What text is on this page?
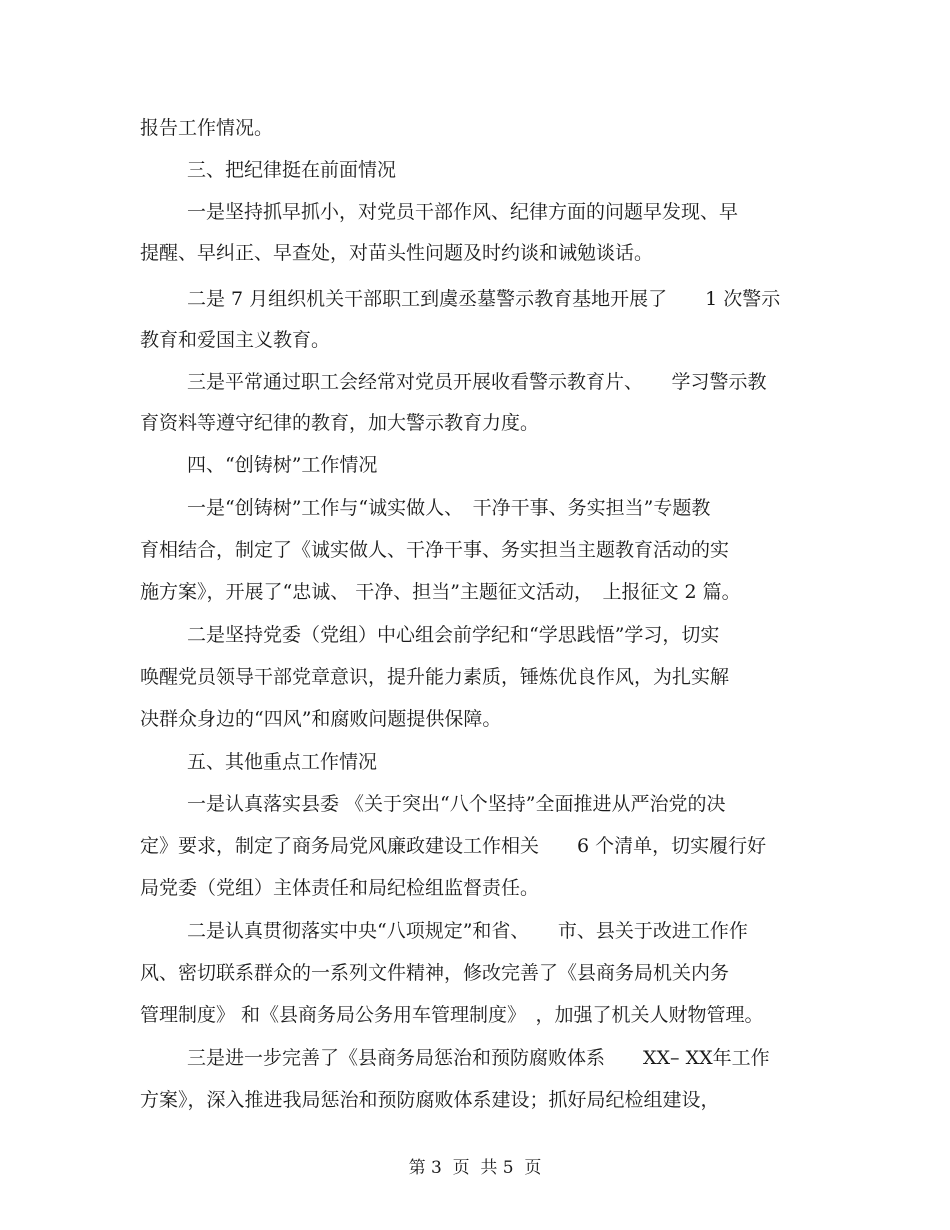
报告工作情况。
三、把纪律挺在前面情况
一是坚持抓早抓小，对党员干部作风、纪律方面的问题早发现、早
提醒、早纠正、早查处，对苗头性问题及时约谈和诫勉谈话。
二是 7 月组织机关干部职工到虞丞墓警示教育基地开展了　　1 次警示
教育和爱国主义教育。
三是平常通过职工会经常对党员开展收看警示教育片、　　学习警示教
育资料等遵守纪律的教育，加大警示教育力度。
四、“创铸树”工作情况
一是“创铸树”工作与“诚实做人、　干净干事、务实担当”专题教
育相结合，制定了《诚实做人、干净干事、务实担当主题教育活动的实
施方案》，开展了“忠诚、 干净、担当”主题征文活动，　上报征文 2 篇。
二是坚持党委（党组）中心组会前学纪和“学思践悟”学习，切实
唤醒党员领导干部党章意识，提升能力素质，锤炼优良作风，为扎实解
决群众身边的“四风”和腐败问题提供保障。
五、其他重点工作情况
一是认真落实县委 《关于突出“八个坚持”全面推进从严治党的决
定》要求，制定了商务局党风廉政建设工作相关　　6 个清单，切实履行好
局党委（党组）主体责任和局纪检组监督责任。
二是认真贯彻落实中央“八项规定”和省、　　市、县关于改进工作作
风、密切联系群众的一系列文件精神，修改完善了《县商务局机关内务
管理制度》 和《县商务局公务用车管理制度》　，加强了机关人财物管理。
三是进一步完善了《县商务局惩治和预防腐败体系　　XX– XX年工作
方案》，深入推进我局惩治和预防腐败体系建设；抓好局纪检组建设，
第 3  页  共 5  页
